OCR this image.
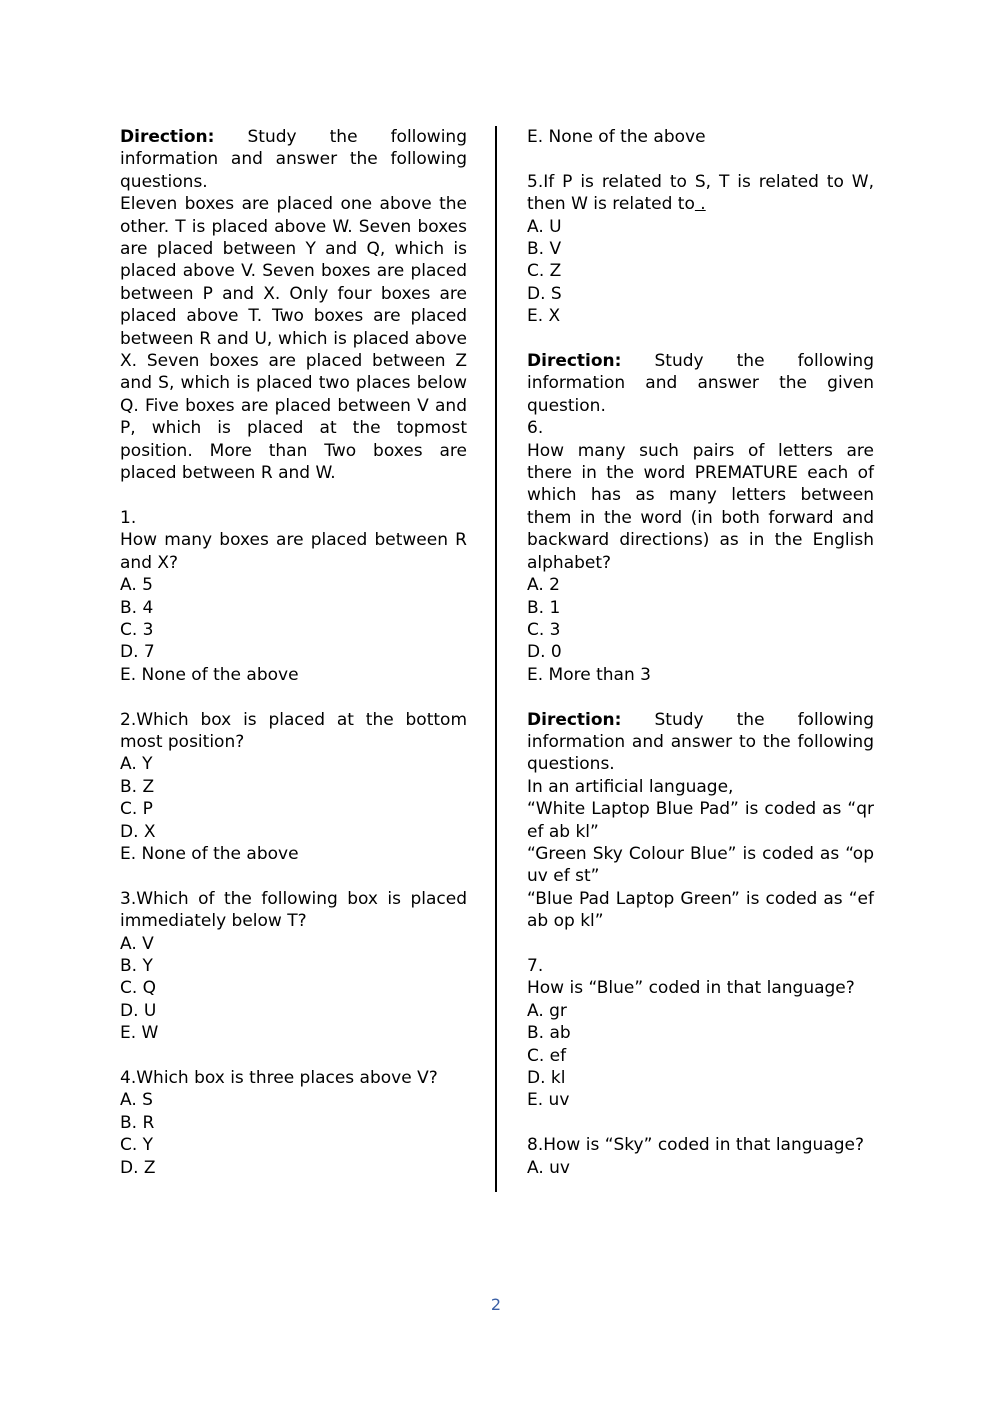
Direction: Study the following information and answer the following questions.

Eleven boxes are placed one above the other. T is placed above W. Seven boxes are placed between Y and Q, which is placed above V. Seven boxes are placed between P and X. Only four boxes are placed above T. Two boxes are placed between R and U, which is placed above X. Seven boxes are placed between Z and S, which is placed two places below Q. Five boxes are placed between V and P, which is placed at the topmost position. More than Two boxes are placed between R and W.

1.
How many boxes are placed between R and X?
A. 5
B. 4
C. 3
D. 7
E. None of the above
2.Which box is placed at the bottom most position?
A. Y
B. Z
C. P
D. X
E. None of the above
3.Which of the following box is placed immediately below T?
A. V
B. Y
C. Q
D. U
E. W
4.Which box is three places above V?
A. S
B. R
C. Y
D. Z
E. None of the above
5.If P is related to S, T is related to W, then W is related to .
A. U
B. V
C. Z
D. S
E. X

Direction: Study the following information and answer the given question.

6.
How many such pairs of letters are there in the word PREMATURE each of which has as many letters between them in the word (in both forward and backward directions) as in the English alphabet?
A. 2
B. 1
C. 3
D. 0
E. More than 3

Direction: Study the following information and answer to the following questions.

In an artificial language,

“White Laptop Blue Pad” is coded as “qr ef ab kl”

“Green Sky Colour Blue” is coded as “op uv ef st”

“Blue Pad Laptop Green” is coded as “ef ab op kl”

7.
How is “Blue” coded in that language?
A. gr
B. ab
C. ef
D. kl
E. uv
8.How is “Sky” coded in that language?
A. uv
2
